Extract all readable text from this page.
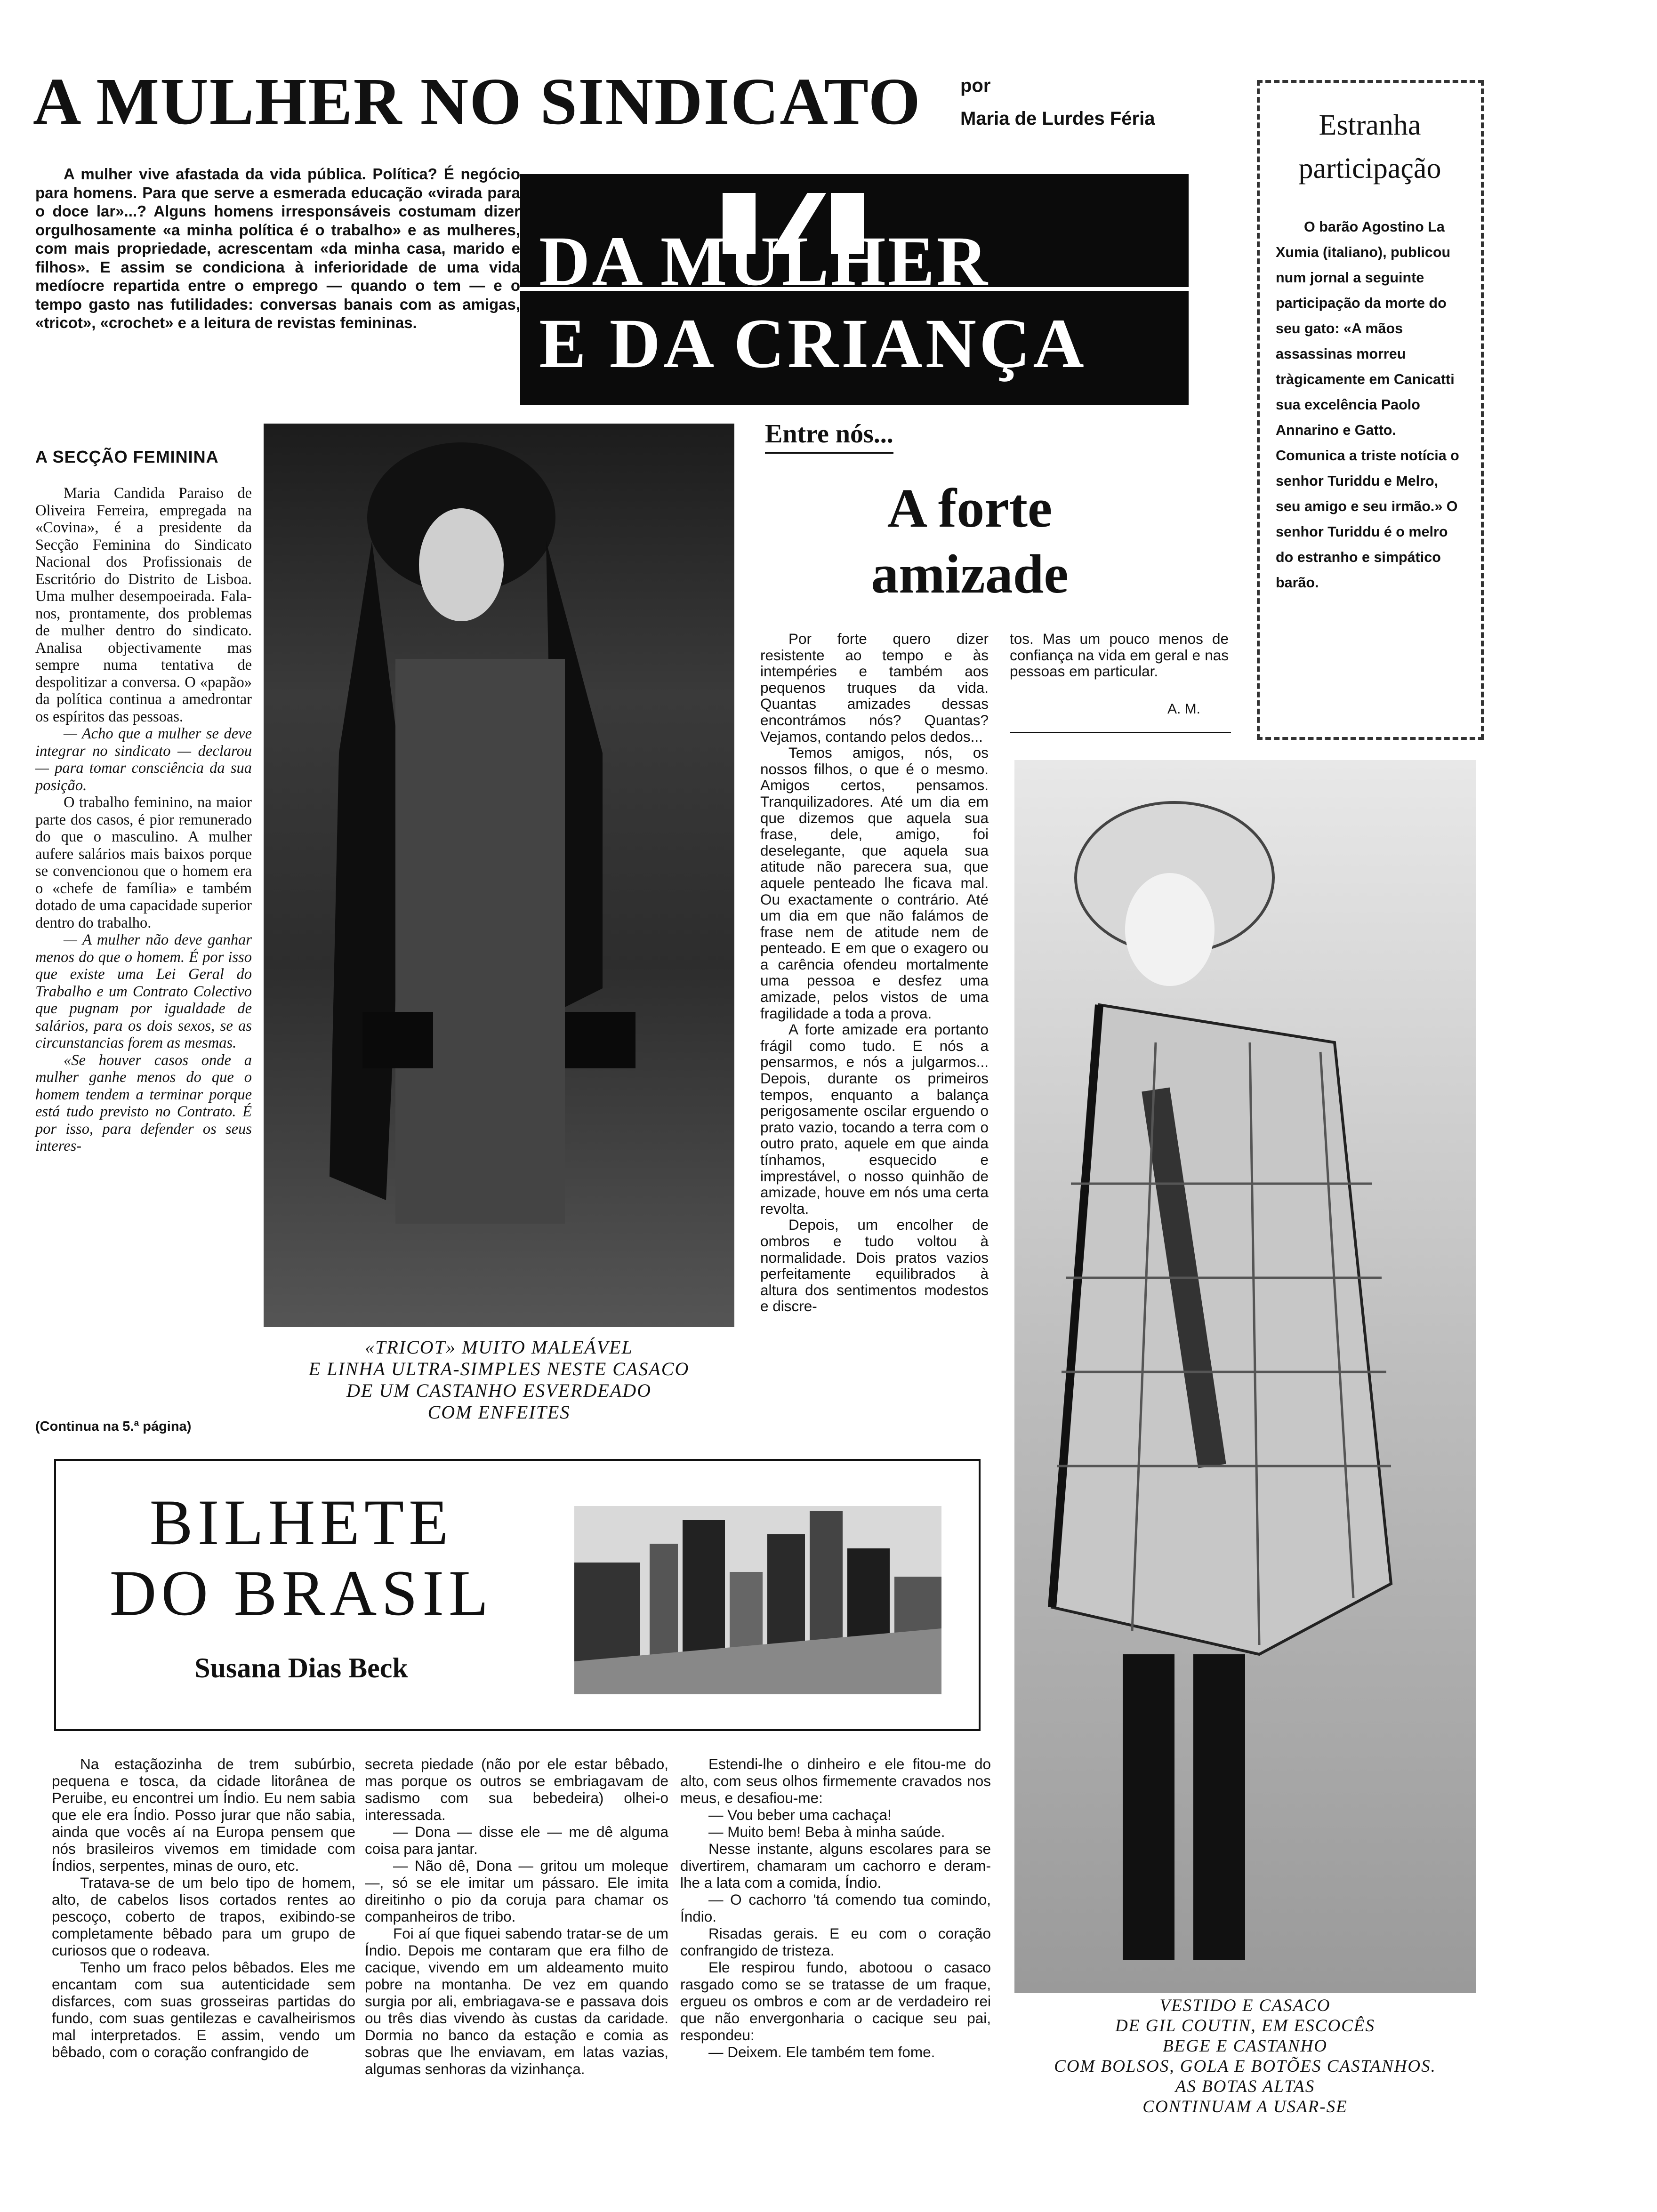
A MULHER NO SINDICATO por
Maria de Lurdes Féria

A mulher vive afastada da vida pública. Política? É negócio para homens. Para que serve a esmerada educação «virada para o doce lar»...? Alguns homens irresponsáveis costumam dizer orgulhosamente «a minha política é o trabalho» e as mulheres, com mais propriedade, acrescentam «da minha casa, marido e filhos». E assim se condiciona à inferioridade de uma vida medíocre repartida entre o emprego — quando o tem — e o tempo gasto nas futilidades: conversas banais com as amigas, «tricot», «crochet» e a leitura de revistas femininas.

A SECÇÃO FEMININA

Maria Candida Paraiso de Oliveira Ferreira, empregada na «Covina», é a presidente da Secção Feminina do Sindicato Nacional dos Profissionais de Escritório do Distrito de Lisboa. Uma mulher desempoeirada. Fala-nos, prontamente, dos problemas de mulher dentro do sindicato. Analisa objectivamente mas sempre numa tentativa de despolitizar a conversa. O «papão» da política continua a amedrontar os espíritos das pessoas.

— Acho que a mulher se deve integrar no sindicato — declarou — para tomar consciência da sua posição.

O trabalho feminino, na maior parte dos casos, é pior remunerado do que o masculino. A mulher aufere salários mais baixos porque se convencionou que o homem era o «chefe de família» e também dotado de uma capacidade superior dentro do trabalho.

— A mulher não deve ganhar menos do que o homem. É por isso que existe uma Lei Geral do Trabalho e um Contrato Colectivo que pugnam por igualdade de salários, para os dois sexos, se as circunstancias forem as mesmas.

«Se houver casos onde a mulher ganhe menos do que o homem tendem a terminar porque está tudo previsto no Contrato. É por isso, para defender os seus interes-

(Continua na 5.ª página)
DA MULHER
E DA CRIANÇA
«TRICOT» MUITO MALEÁVEL
E LINHA ULTRA-SIMPLES NESTE CASACO
DE UM CASTANHO ESVERDEADO
COM ENFEITES
Estranha
participação

O barão Agostino La Xumia (italiano), publicou num jornal a seguinte participação da morte do seu gato: «A mãos assassinas morreu tràgicamente em Canicatti sua excelência Paolo Annarino e Gatto. Comunica a triste notícia o senhor Turiddu e Melro, seu amigo e seu irmão.» O senhor Turiddu é o melro do estranho e simpático barão.

Entre nós...
A forte
amizade

Por forte quero dizer resistente ao tempo e às intempéries e também aos pequenos truques da vida. Quantas amizades dessas encontrámos nós? Quantas? Vejamos, contando pelos dedos...

Temos amigos, nós, os nossos filhos, o que é o mesmo. Amigos certos, pensamos. Tranquilizadores. Até um dia em que dizemos que aquela sua frase, dele, amigo, foi deselegante, que aquela sua atitude não parecera sua, que aquele penteado lhe ficava mal. Ou exactamente o contrário. Até um dia em que não falámos de frase nem de atitude nem de penteado. E em que o exagero ou a carência ofendeu mortalmente uma pessoa e desfez uma amizade, pelos vistos de uma fragilidade a toda a prova.

A forte amizade era portanto frágil como tudo. E nós a pensarmos, e nós a julgarmos... Depois, durante os primeiros tempos, enquanto a balança perigosamente oscilar erguendo o prato vazio, tocando a terra com o outro prato, aquele em que ainda tínhamos, esquecido e imprestável, o nosso quinhão de amizade, houve em nós uma certa revolta.

Depois, um encolher de ombros e tudo voltou à normalidade. Dois pratos vazios perfeitamente equilibrados à altura dos sentimentos modestos e discre-

tos. Mas um pouco menos de confiança na vida em geral e nas pessoas em particular.

A. M.
VESTIDO E CASACO
DE GIL COUTIN, EM ESCOCÊS
BEGE E CASTANHO
COM BOLSOS, GOLA E BOTÕES CASTANHOS.
AS BOTAS ALTAS
CONTINUAM A USAR-SE
BILHETE
DO BRASIL
Susana Dias Beck

Na estaçãozinha de trem subúrbio, pequena e tosca, da cidade litorânea de Peruibe, eu encontrei um Índio. Eu nem sabia que ele era Índio. Posso jurar que não sabia, ainda que vocês aí na Europa pensem que nós brasileiros vivemos em timidade com Índios, serpentes, minas de ouro, etc.

Tratava-se de um belo tipo de homem, alto, de cabelos lisos cortados rentes ao pescoço, coberto de trapos, exibindo-se completamente bêbado para um grupo de curiosos que o rodeava.

Tenho um fraco pelos bêbados. Eles me encantam com sua autenticidade sem disfarces, com suas grosseiras partidas do fundo, com suas gentilezas e cavalheirismos mal interpretados. E assim, vendo um bêbado, com o coração confrangido de

secreta piedade (não por ele estar bêbado, mas porque os outros se embriagavam de sadismo com sua bebedeira) olhei-o interessada.

— Dona — disse ele — me dê alguma coisa para jantar.

— Não dê, Dona — gritou um moleque —, só se ele imitar um pássaro. Ele imita direitinho o pio da coruja para chamar os companheiros de tribo.

Foi aí que fiquei sabendo tratar-se de um Índio. Depois me contaram que era filho de cacique, vivendo em um aldeamento muito pobre na montanha. De vez em quando surgia por ali, embriagava-se e passava dois ou três dias vivendo às custas da caridade. Dormia no banco da estação e comia as sobras que lhe enviavam, em latas vazias, algumas senhoras da vizinhança.

Estendi-lhe o dinheiro e ele fitou-me do alto, com seus olhos firmemente cravados nos meus, e desafiou-me:

— Vou beber uma cachaça!

— Muito bem! Beba à minha saúde.

Nesse instante, alguns escolares para se divertirem, chamaram um cachorro e deram-lhe a lata com a comida, Índio.

— O cachorro 'tá comendo tua comindo, Índio.

Risadas gerais. E eu com o coração confrangido de tristeza.

Ele respirou fundo, abotoou o casaco rasgado como se se tratasse de um fraque, ergueu os ombros e com ar de verdadeiro rei que não envergonharia o cacique seu pai, respondeu:

— Deixem. Ele também tem fome.
